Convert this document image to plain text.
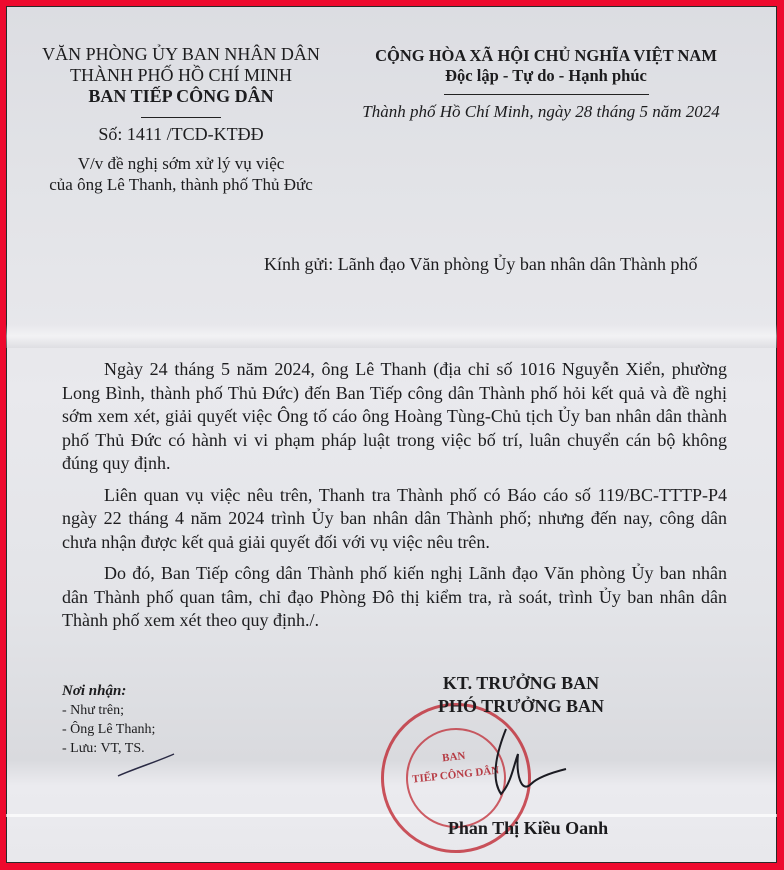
VĂN PHÒNG ỦY BAN NHÂN DÂN
THÀNH PHỐ HỒ CHÍ MINH
BAN TIẾP CÔNG DÂN
Số: 1411 /TCD-KTĐĐ
V/v đề nghị sớm xử lý vụ việc
của ông Lê Thanh, thành phố Thủ Đức
CỘNG HÒA XÃ HỘI CHỦ NGHĨA VIỆT NAM
Độc lập - Tự do - Hạnh phúc
Thành phố Hồ Chí Minh, ngày 28 tháng 5 năm 2024
Kính gửi: Lãnh đạo Văn phòng Ủy ban nhân dân Thành phố

Ngày 24 tháng 5 năm 2024, ông Lê Thanh (địa chỉ số 1016 Nguyễn Xiển, phường Long Bình, thành phố Thủ Đức) đến Ban Tiếp công dân Thành phố hỏi kết quả và đề nghị sớm xem xét, giải quyết việc Ông tố cáo ông Hoàng Tùng-Chủ tịch Ủy ban nhân dân thành phố Thủ Đức có hành vi vi phạm pháp luật trong việc bố trí, luân chuyển cán bộ không đúng quy định.

Liên quan vụ việc nêu trên, Thanh tra Thành phố có Báo cáo số 119/BC-TTTP-P4 ngày 22 tháng 4 năm 2024 trình Ủy ban nhân dân Thành phố; nhưng đến nay, công dân chưa nhận được kết quả giải quyết đối với vụ việc nêu trên.

Do đó, Ban Tiếp công dân Thành phố kiến nghị Lãnh đạo Văn phòng Ủy ban nhân dân Thành phố quan tâm, chỉ đạo Phòng Đô thị kiểm tra, rà soát, trình Ủy ban nhân dân Thành phố xem xét theo quy định./.

Nơi nhận:
- Như trên;
- Ông Lê Thanh;
- Lưu: VT, TS.
BAN
TIẾP CÔNG DÂN
KT. TRƯỞNG BAN
PHÓ TRƯỞNG BAN
Phan Thị Kiều Oanh
